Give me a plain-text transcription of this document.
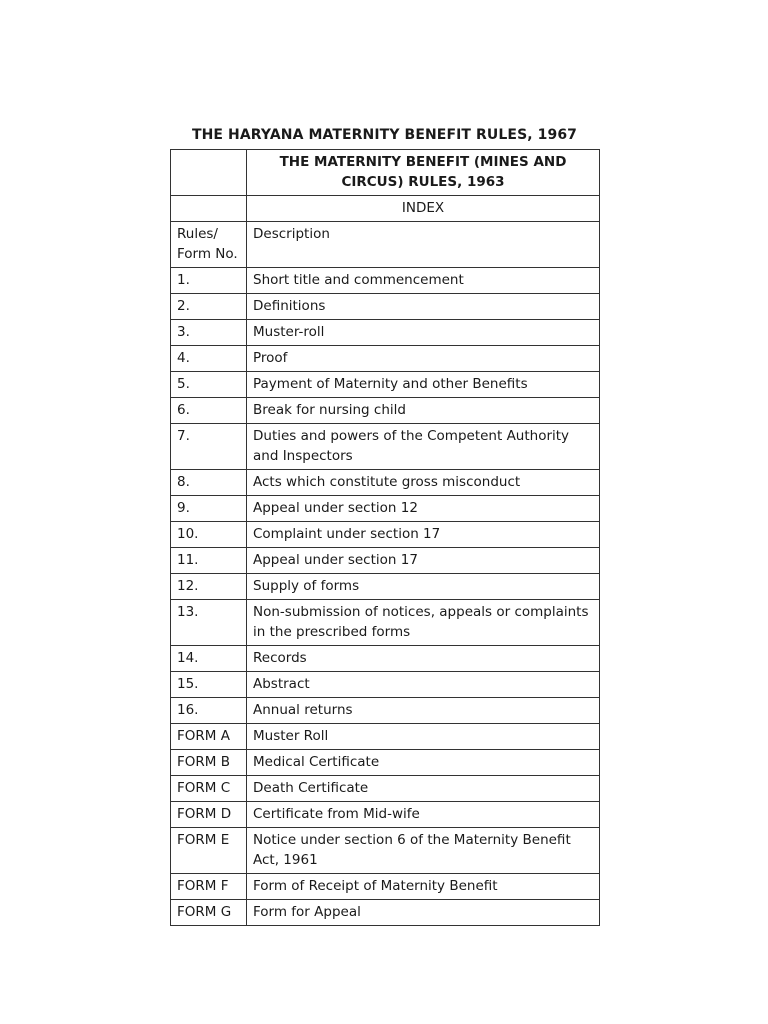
THE HARYANA MATERNITY BENEFIT RULES, 1967
	THE MATERNITY BENEFIT (MINES AND CIRCUS) RULES, 1963
	INDEX
Rules/ Form No.	Description
1.	Short title and commencement
2.	Definitions
3.	Muster-roll
4.	Proof
5.	Payment of Maternity and other Benefits
6.	Break for nursing child
7.	Duties and powers of the Competent Authority and Inspectors
8.	Acts which constitute gross misconduct
9.	Appeal under section 12
10.	Complaint under section 17
11.	Appeal under section 17
12.	Supply of forms
13.	Non-submission of notices, appeals or complaints in the prescribed forms
14.	Records
15.	Abstract
16.	Annual returns
FORM A	Muster Roll
FORM B	Medical Certificate
FORM C	Death Certificate
FORM D	Certificate from Mid-wife
FORM E	Notice under section 6 of the Maternity Benefit Act, 1961
FORM F	Form of Receipt of Maternity Benefit
FORM G	Form for Appeal
